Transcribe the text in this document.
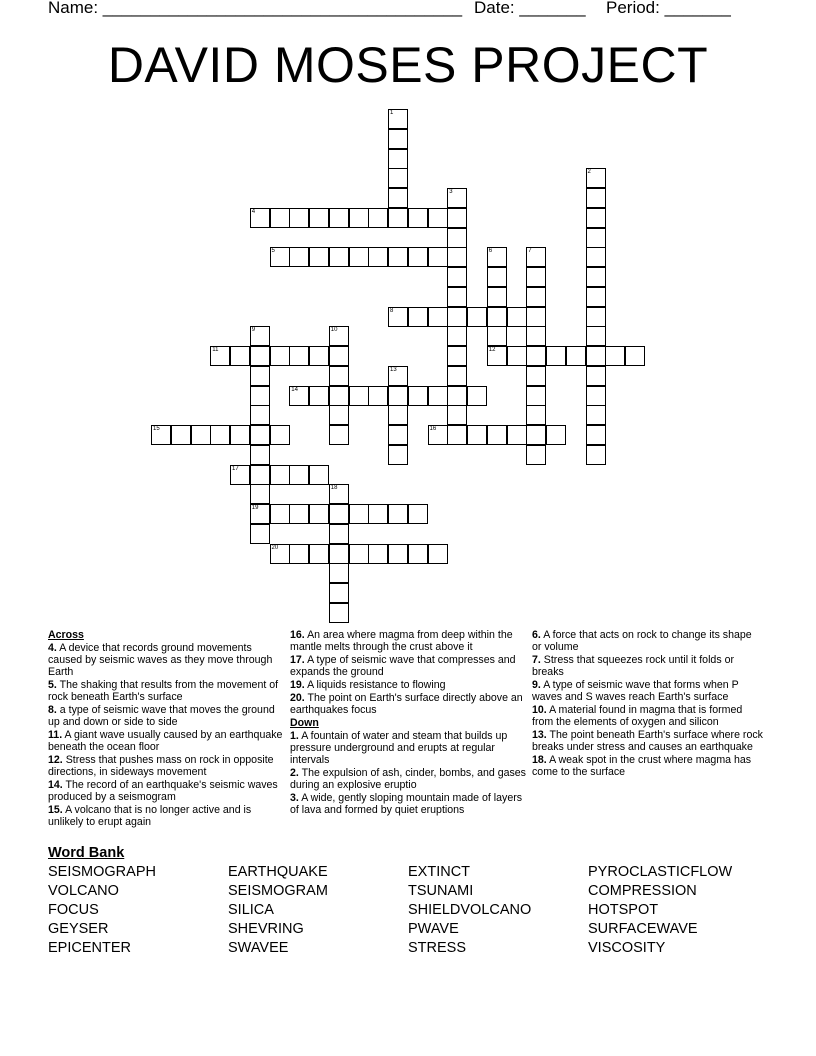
Name: ______________________________________ Date: _______ Period: _______
DAVID MOSES PROJECT
1
2
3
4
5	6
12
7
8
9
19
10
11
13
14
15	16
17
18
20
Across
4. A device that records ground movements caused by seismic waves as they move through Earth
5. The shaking that results from the movement of rock beneath Earth's surface
8. a type of seismic wave that moves the ground up and down or side to side
11. A giant wave usually caused by an earthquake beneath the ocean floor
12. Stress that pushes mass on rock in opposite directions, in sideways movement
14. The record of an earthquake's seismic waves produced by a seismogram
15. A volcano that is no longer active and is unlikely to erupt again
16. An area where magma from deep within the mantle melts through the crust above it
17. A type of seismic wave that compresses and expands the ground
19. A liquids resistance to flowing
20. The point on Earth's surface directly above an earthquakes focus
Down
1. A fountain of water and steam that builds up pressure underground and erupts at regular intervals
2. The expulsion of ash, cinder, bombs, and gases during an explosive eruptio
3. A wide, gently sloping mountain made of layers of lava and formed by quiet eruptions
6. A force that acts on rock to change its shape or volume
7. Stress that squeezes rock until it folds or breaks
9. A type of seismic wave that forms when P waves and S waves reach Earth's surface
10. A material found in magma that is formed from the elements of oxygen and silicon
13. The point beneath Earth's surface where rock breaks under stress and causes an earthquake
18. A weak spot in the crust where magma has come to the surface
Word Bank
SEISMOGRAPH
VOLCANO
FOCUS
GEYSER
EPICENTER
EARTHQUAKE
SEISMOGRAM
SILICA
SHEVRING
SWAVEE
EXTINCT
TSUNAMI
SHIELDVOLCANO
PWAVE
STRESS
PYROCLASTICFLOW
COMPRESSION
HOTSPOT
SURFACEWAVE
VISCOSITY
